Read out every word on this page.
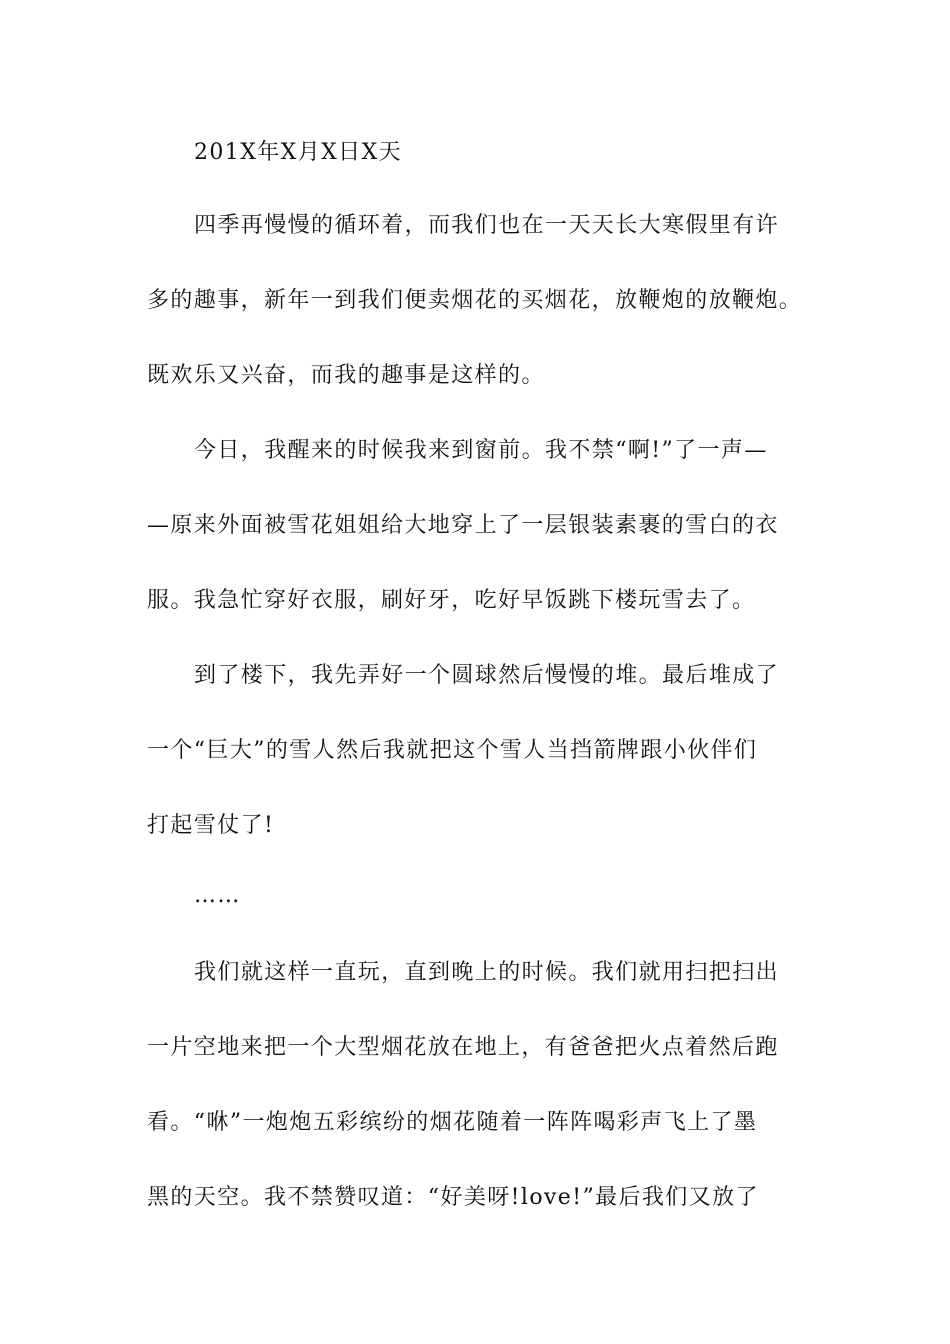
201X年X月X日X天
四季再慢慢的循环着，而我们也在一天天长大寒假里有许
多的趣事，新年一到我们便卖烟花的买烟花，放鞭炮的放鞭炮。
既欢乐又兴奋，而我的趣事是这样的。
今日，我醒来的时候我来到窗前。我不禁“啊!”了一声—
—原来外面被雪花姐姐给大地穿上了一层银装素裹的雪白的衣
服。我急忙穿好衣服，刷好牙，吃好早饭跳下楼玩雪去了。
到了楼下，我先弄好一个圆球然后慢慢的堆。最后堆成了
一个“巨大”的雪人然后我就把这个雪人当挡箭牌跟小伙伴们
打起雪仗了!
……
我们就这样一直玩，直到晚上的时候。我们就用扫把扫出
一片空地来把一个大型烟花放在地上，有爸爸把火点着然后跑
看。“咻”一炮炮五彩缤纷的烟花随着一阵阵喝彩声飞上了墨
黑的天空。我不禁赞叹道：“好美呀!love!”最后我们又放了
